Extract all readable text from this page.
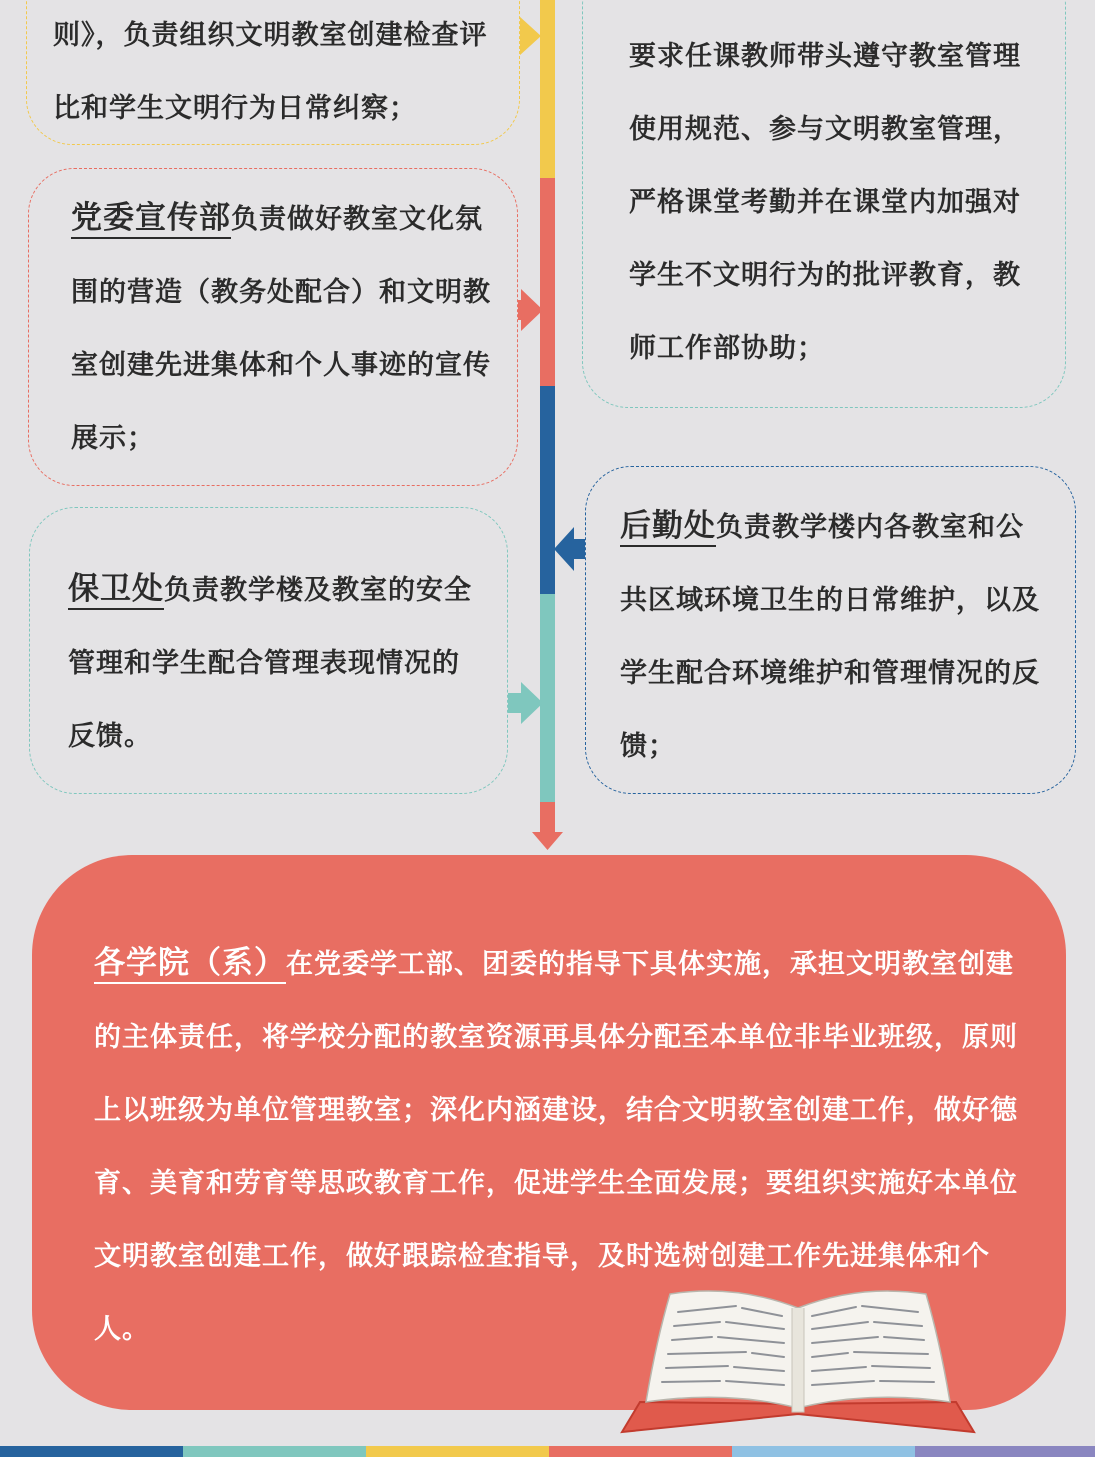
则》，负责组织文明教室创建检查评比和学生文明行为日常纠察；

党委宣传部负责做好教室文化氛围的营造（教务处配合）和文明教室创建先进集体和个人事迹的宣传展示；

保卫处负责教学楼及教室的安全管理和学生配合管理表现情况的反馈。

要求任课教师带头遵守教室管理使用规范、参与文明教室管理，严格课堂考勤并在课堂内加强对学生不文明行为的批评教育，教师工作部协助；

后勤处负责教学楼内各教室和公共区域环境卫生的日常维护，以及学生配合环境维护和管理情况的反馈；

各学院（系）在党委学工部、团委的指导下具体实施，承担文明教室创建的主体责任，将学校分配的教室资源再具体分配至本单位非毕业班级，原则上以班级为单位管理教室；深化内涵建设，结合文明教室创建工作，做好德育、美育和劳育等思政教育工作，促进学生全面发展；要组织实施好本单位文明教室创建工作，做好跟踪检查指导，及时选树创建工作先进集体和个人。
